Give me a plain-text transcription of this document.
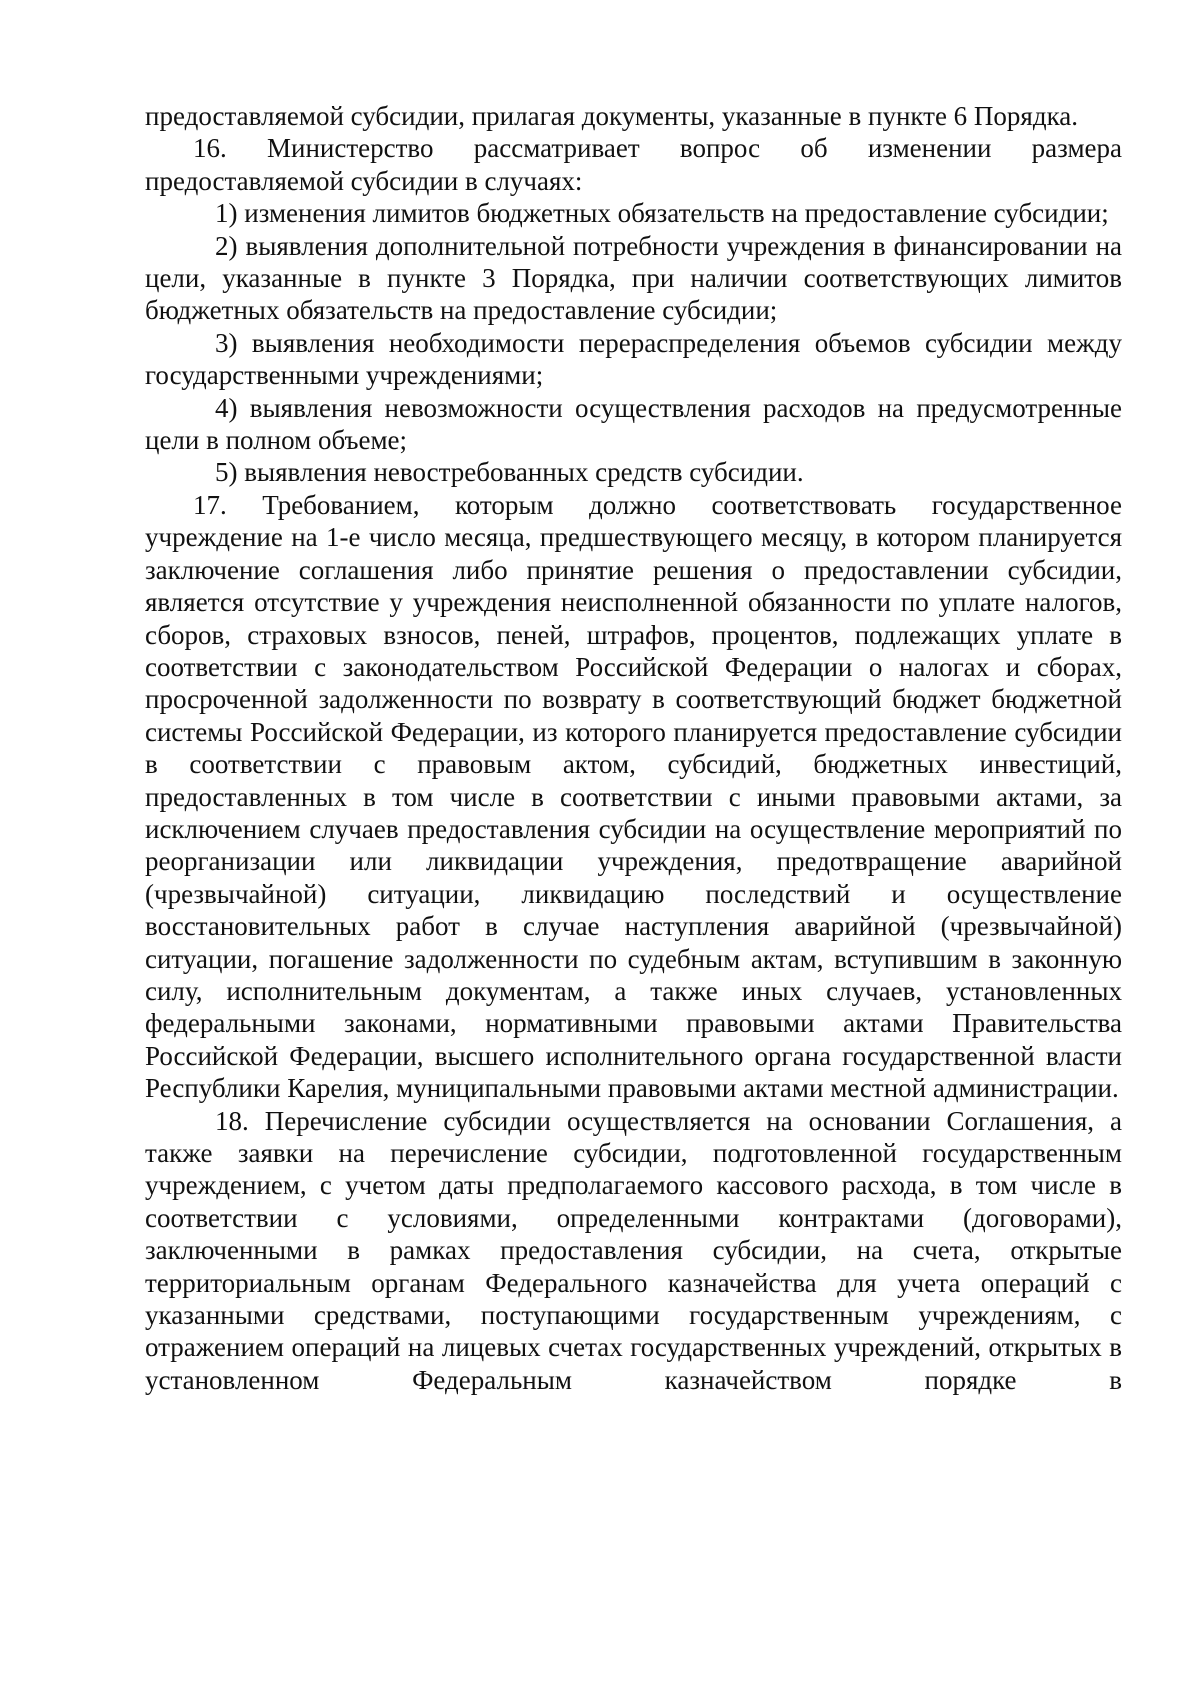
предоставляемой субсидии, прилагая документы, указанные в пункте 6 Порядка.

16. Министерство рассматривает вопрос об изменении размера предоставляемой субсидии в случаях:

1) изменения лимитов бюджетных обязательств на предоставление субсидии;

2) выявления дополнительной потребности учреждения в финансировании на цели, указанные в пункте 3 Порядка, при наличии соответствующих лимитов бюджетных обязательств на предоставление субсидии;

3) выявления необходимости перераспределения объемов субсидии между государственными учреждениями;

4) выявления невозможности осуществления расходов на предусмотренные цели в полном объеме;

5) выявления невостребованных средств субсидии.

17. Требованием, которым должно соответствовать государственное учреждение на 1-е число месяца, предшествующего месяцу, в котором планируется заключение соглашения либо принятие решения о предоставлении субсидии, является отсутствие у учреждения неисполненной обязанности по уплате налогов, сборов, страховых взносов, пеней, штрафов, процентов, подлежащих уплате в соответствии с законодательством Российской Федерации о налогах и сборах, просроченной задолженности по возврату в соответствующий бюджет бюджетной системы Российской Федерации, из которого планируется предоставление субсидии в соответствии с правовым актом, субсидий, бюджетных инвестиций, предоставленных в том числе в соответствии с иными правовыми актами, за исключением случаев предоставления субсидии на осуществление мероприятий по реорганизации или ликвидации учреждения, предотвращение аварийной (чрезвычайной) ситуации, ликвидацию последствий и осуществление восстановительных работ в случае наступления аварийной (чрезвычайной) ситуации, погашение задолженности по судебным актам, вступившим в законную силу, исполнительным документам, а также иных случаев, установленных федеральными законами, нормативными правовыми актами Правительства Российской Федерации, высшего исполнительного органа государственной власти Республики Карелия, муниципальными правовыми актами местной администрации.

18. Перечисление субсидии осуществляется на основании Соглашения, а также заявки на перечисление субсидии, подготовленной государственным учреждением, с учетом даты предполагаемого кассового расхода, в том числе в соответствии с условиями, определенными контрактами (договорами), заключенными в рамках предоставления субсидии, на счета, открытые территориальным органам Федерального казначейства для учета операций с указанными средствами, поступающими государственным учреждениям, с отражением операций на лицевых счетах государственных учреждений, открытых в установленном Федеральным казначейством порядке в
